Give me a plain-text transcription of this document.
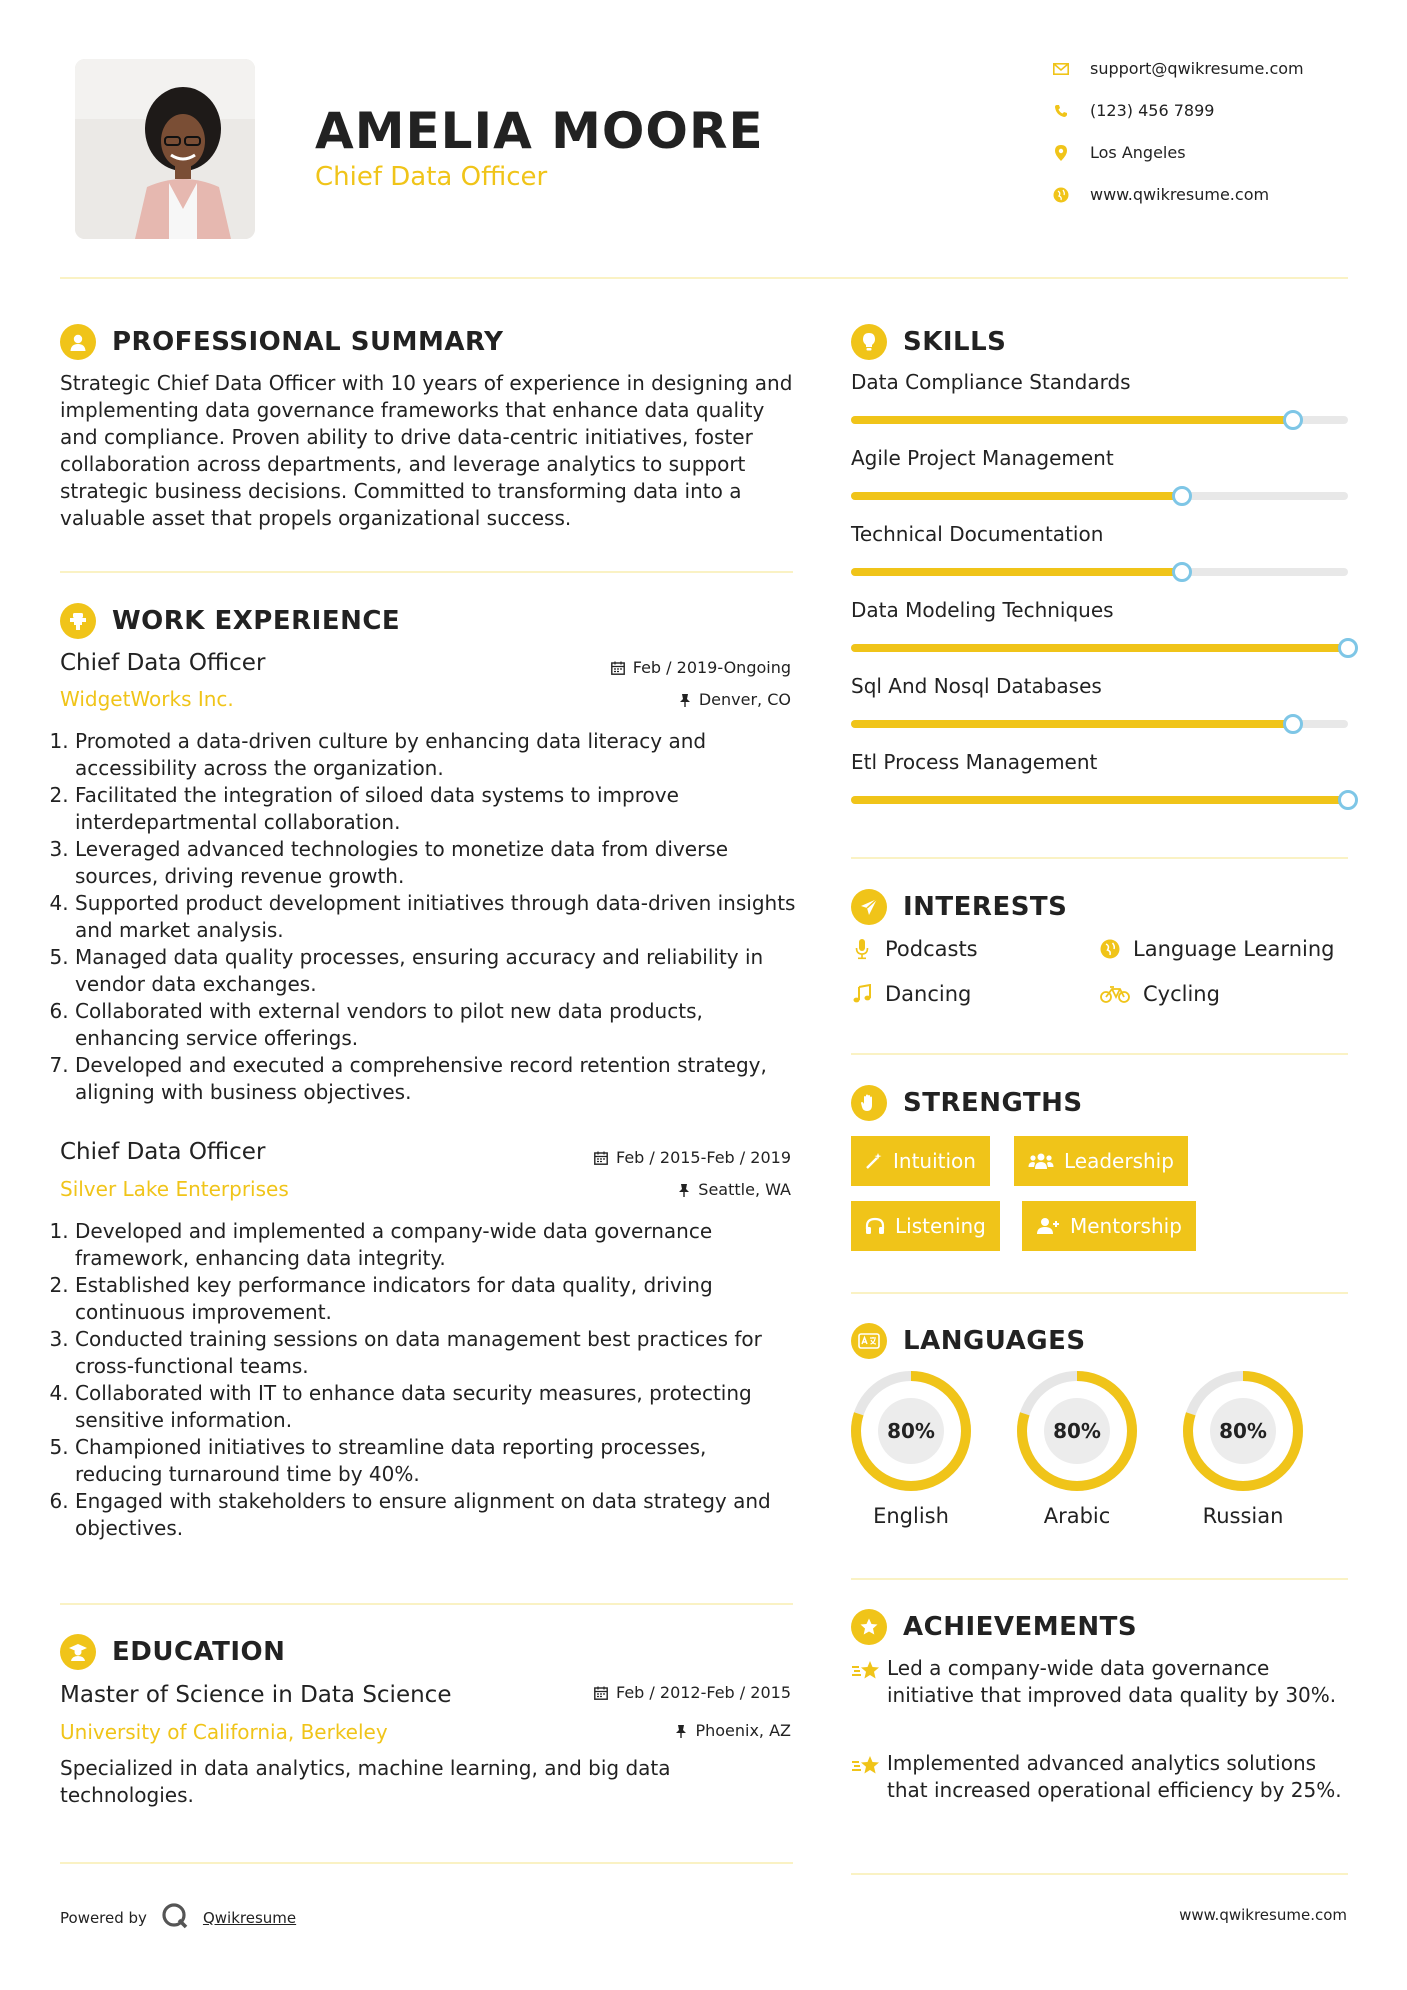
AMELIA MOORE
Chief Data Officer
support@qwikresume.com
(123) 456 7899
Los Angeles
www.qwikresume.com
PROFESSIONAL SUMMARY
Strategic Chief Data Officer with 10 years of experience in designing and implementing data governance frameworks that enhance data quality and compliance. Proven ability to drive data-centric initiatives, foster collaboration across departments, and leverage analytics to support strategic business decisions. Committed to transforming data into a valuable asset that propels organizational success.
WORK EXPERIENCE
Chief Data Officer	Feb / 2019-Ongoing
WidgetWorks Inc.	Denver, CO
1. Promoted a data-driven culture by enhancing data literacy and accessibility across the organization.
2. Facilitated the integration of siloed data systems to improve interdepartmental collaboration.
3. Leveraged advanced technologies to monetize data from diverse sources, driving revenue growth.
4. Supported product development initiatives through data-driven insights and market analysis.
5. Managed data quality processes, ensuring accuracy and reliability in vendor data exchanges.
6. Collaborated with external vendors to pilot new data products, enhancing service offerings.
7. Developed and executed a comprehensive record retention strategy, aligning with business objectives.
Chief Data Officer	Feb / 2015-Feb / 2019
Silver Lake Enterprises	Seattle, WA
1. Developed and implemented a company-wide data governance framework, enhancing data integrity.
2. Established key performance indicators for data quality, driving continuous improvement.
3. Conducted training sessions on data management best practices for cross-functional teams.
4. Collaborated with IT to enhance data security measures, protecting sensitive information.
5. Championed initiatives to streamline data reporting processes, reducing turnaround time by 40%.
6. Engaged with stakeholders to ensure alignment on data strategy and objectives.
EDUCATION
Master of Science in Data Science	Feb / 2012-Feb / 2015
University of California, Berkeley	Phoenix, AZ
Specialized in data analytics, machine learning, and big data technologies.
SKILLS
Data Compliance Standards
Agile Project Management
Technical Documentation
Data Modeling Techniques
Sql And Nosql Databases
Etl Process Management
INTERESTS
Podcasts	Language Learning
Dancing	Cycling
STRENGTHS
Intuition	Leadership
Listening	Mentorship
LANGUAGES
80%
English
80%
Arabic
80%
Russian
ACHIEVEMENTS
Led a company-wide data governance initiative that improved data quality by 30%.
Implemented advanced analytics solutions that increased operational efficiency by 25%.
Powered by	Qwikresume	www.qwikresume.com
